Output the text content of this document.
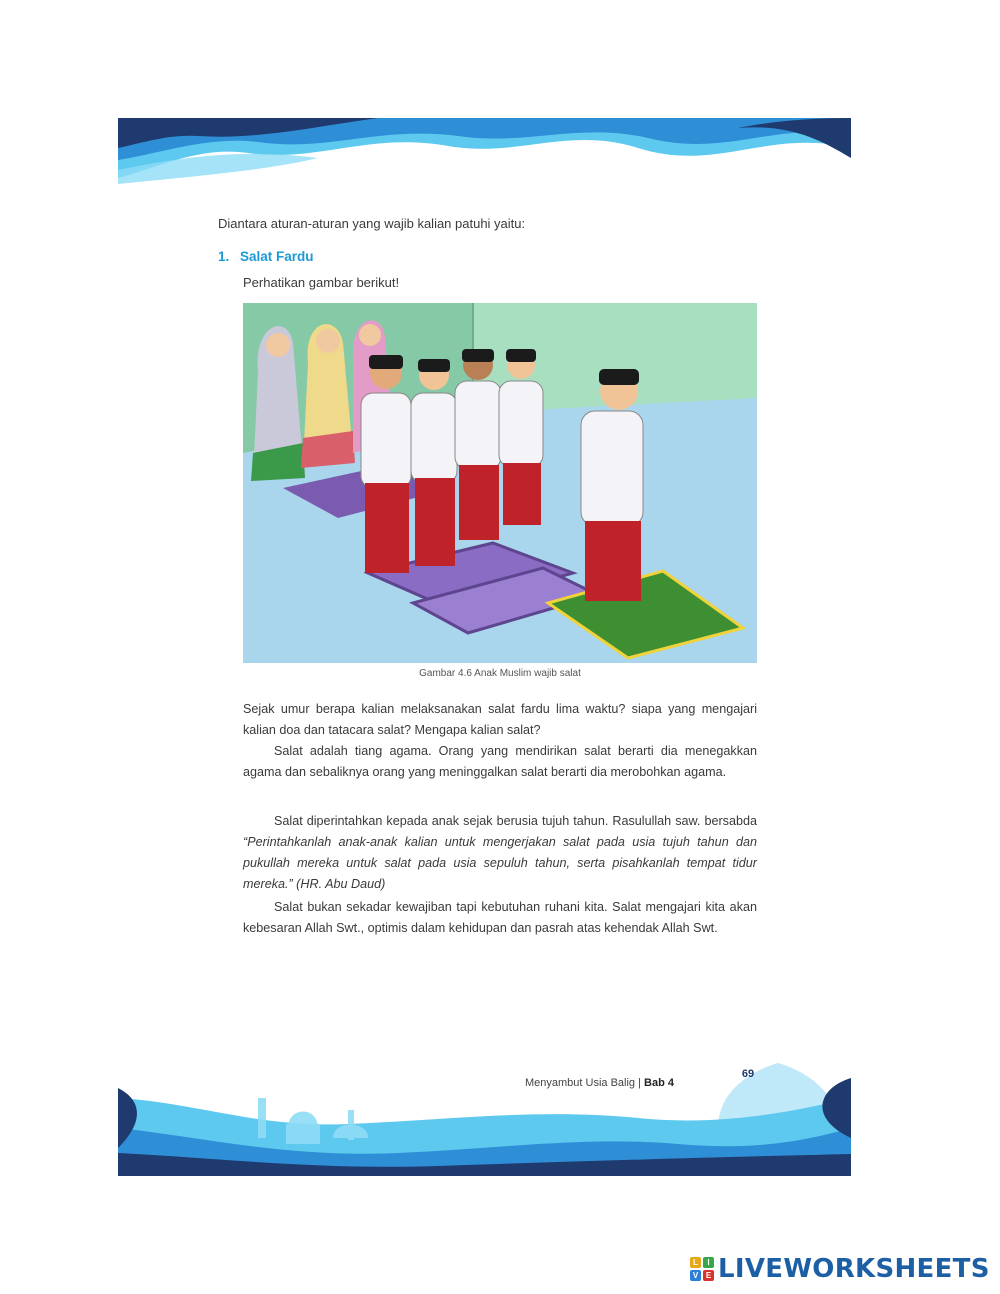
Diantara aturan-aturan yang wajib kalian patuhi yaitu:
1. Salat Fardu
Perhatikan gambar berikut!
Gambar 4.6 Anak Muslim wajib salat

Sejak umur berapa kalian melaksanakan salat fardu lima waktu? siapa yang mengajari kalian doa dan tatacara salat? Mengapa kalian salat?

Salat adalah tiang agama. Orang yang mendirikan salat berarti dia menegakkan agama dan sebaliknya orang yang meninggalkan salat berarti dia merobohkan agama.

Salat diperintahkan kepada anak sejak berusia tujuh tahun. Rasulullah saw. bersabda “Perintahkanlah anak-anak kalian untuk mengerjakan salat pada usia tujuh tahun dan pukullah mereka untuk salat pada usia sepuluh tahun, serta pisahkanlah tempat tidur mereka.” (HR. Abu Daud)

Salat bukan sekadar kewajiban tapi kebutuhan ruhani kita. Salat mengajari kita akan kebesaran Allah Swt., optimis dalam kehidupan dan pasrah atas kehendak Allah Swt.

Menyambut Usia Balig | Bab 4
69
L	I
V E LIVEWORKSHEETS
